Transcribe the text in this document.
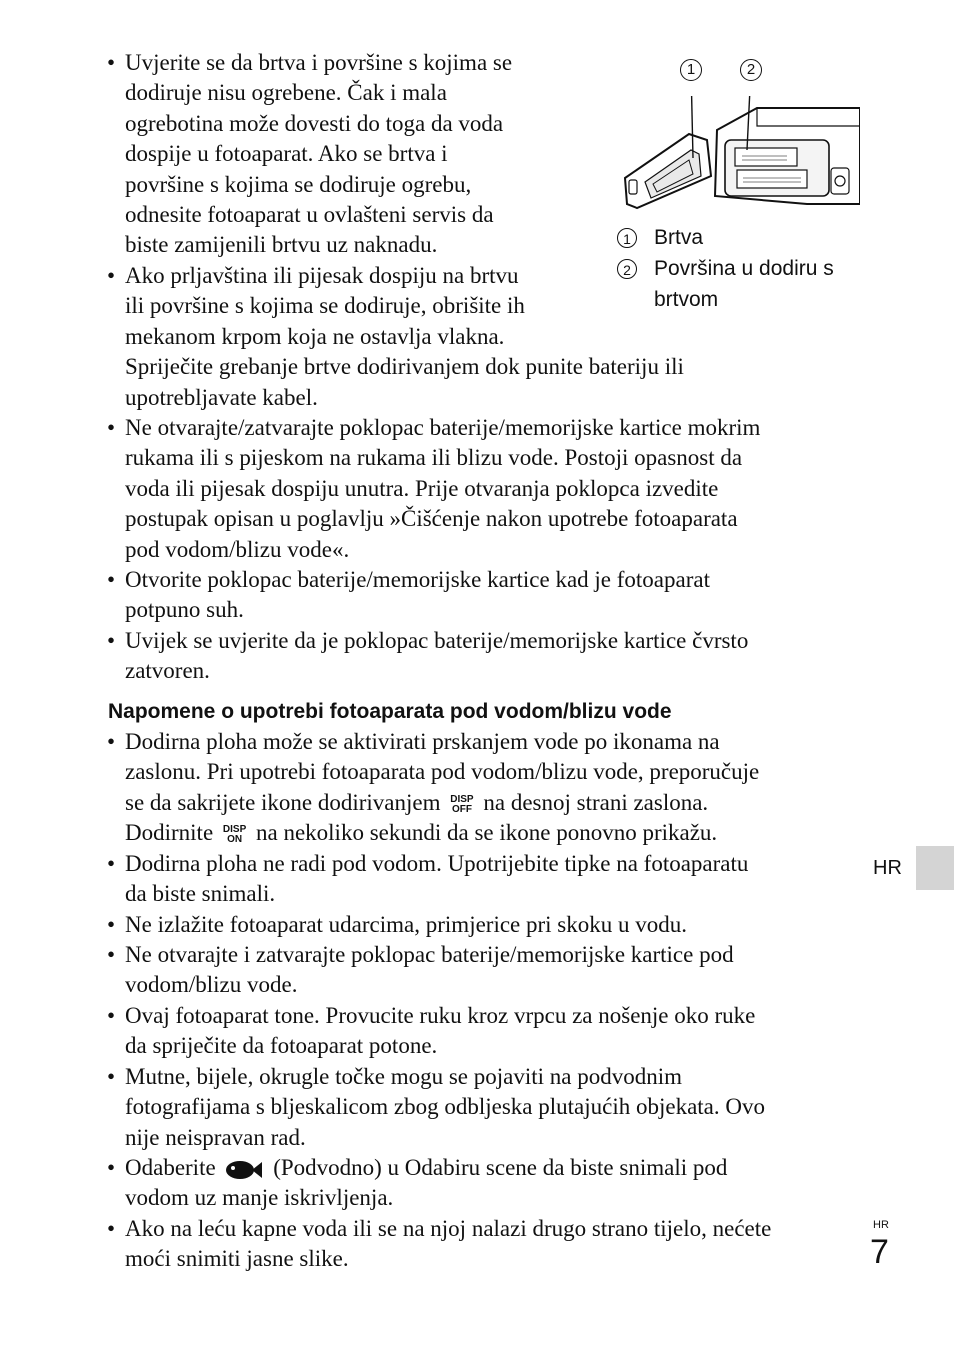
1	2
1 Brtva
2 Površina u dodiru s
brtvom
• Uvjerite se da brtva i površine s kojima se
dodiruje nisu ogrebene. Čak i mala
ogrebotina može dovesti do toga da voda
dospije u fotoaparat. Ako se brtva i
površine s kojima se dodiruje ogrebu,
odnesite fotoaparat u ovlašteni servis da
biste zamijenili brtvu uz naknadu.
• Ako prljavština ili pijesak dospiju na brtvu
ili površine s kojima se dodiruje, obrišite ih
mekanom krpom koja ne ostavlja vlakna.
Spriječite grebanje brtve dodirivanjem dok punite bateriju ili
upotrebljavate kabel.
• Ne otvarajte/zatvarajte poklopac baterije/memorijske kartice mokrim
rukama ili s pijeskom na rukama ili blizu vode. Postoji opasnost da
voda ili pijesak dospiju unutra. Prije otvaranja poklopca izvedite
postupak opisan u poglavlju »Čišćenje nakon upotrebe fotoaparata
pod vodom/blizu vode«.
• Otvorite poklopac baterije/memorijske kartice kad je fotoaparat
potpuno suh.
• Uvijek se uvjerite da je poklopac baterije/memorijske kartice čvrsto
zatvoren.
Napomene o upotrebi fotoaparata pod vodom/blizu vode
• Dodirna ploha može se aktivirati prskanjem vode po ikonama na
zaslonu. Pri upotrebi fotoaparata pod vodom/blizu vode, preporučuje
se da sakrijete ikone dodirivanjem DISP
OFF na desnoj strani zaslona.
Dodirnite DISP
ON na nekoliko sekundi da se ikone ponovno prikažu.
• Dodirna ploha ne radi pod vodom. Upotrijebite tipke na fotoaparatu
da biste snimali.
• Ne izlažite fotoaparat udarcima, primjerice pri skoku u vodu.
• Ne otvarajte i zatvarajte poklopac baterije/memorijske kartice pod
vodom/blizu vode.
• Ovaj fotoaparat tone. Provucite ruku kroz vrpcu za nošenje oko ruke
da spriječite da fotoaparat potone.
• Mutne, bijele, okrugle točke mogu se pojaviti na podvodnim
fotografijama s bljeskalicom zbog odbljeska plutajućih objekata. Ovo
nije neispravan rad.
• Odaberite	(Podvodno) u Odabiru scene da biste snimali pod
vodom uz manje iskrivljenja.
• Ako na leću kapne voda ili se na njoj nalazi drugo strano tijelo, nećete
moći snimiti jasne slike.
HR
HR
7
